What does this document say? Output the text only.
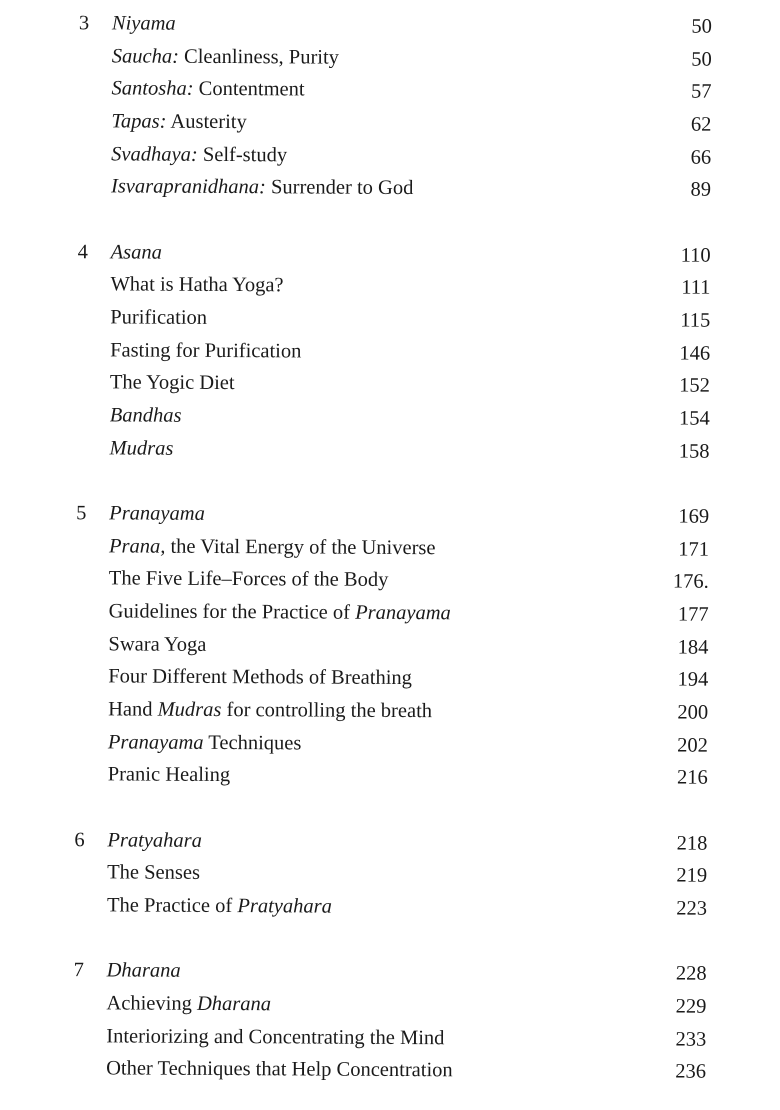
3 Niyama	50
Saucha: Cleanliness, Purity	50
Santosha: Contentment	57
Tapas: Austerity	62
Svadhaya: Self-study	66
Isvarapranidhana: Surrender to God	89
4 Asana	110
What is Hatha Yoga?	111
Purification	115
Fasting for Purification	146
The Yogic Diet	152
Bandhas	154
Mudras	158
5 Pranayama	169
Prana, the Vital Energy of the Universe	171
The Five Life–Forces of the Body	176.
Guidelines for the Practice of Pranayama	177
Swara Yoga	184
Four Different Methods of Breathing	194
Hand Mudras for controlling the breath	200
Pranayama Techniques	202
Pranic Healing	216
6 Pratyahara	218
The Senses	219
The Practice of Pratyahara	223
7 Dharana	228
Achieving Dharana	229
Interiorizing and Concentrating the Mind	233
Other Techniques that Help Concentration	236
